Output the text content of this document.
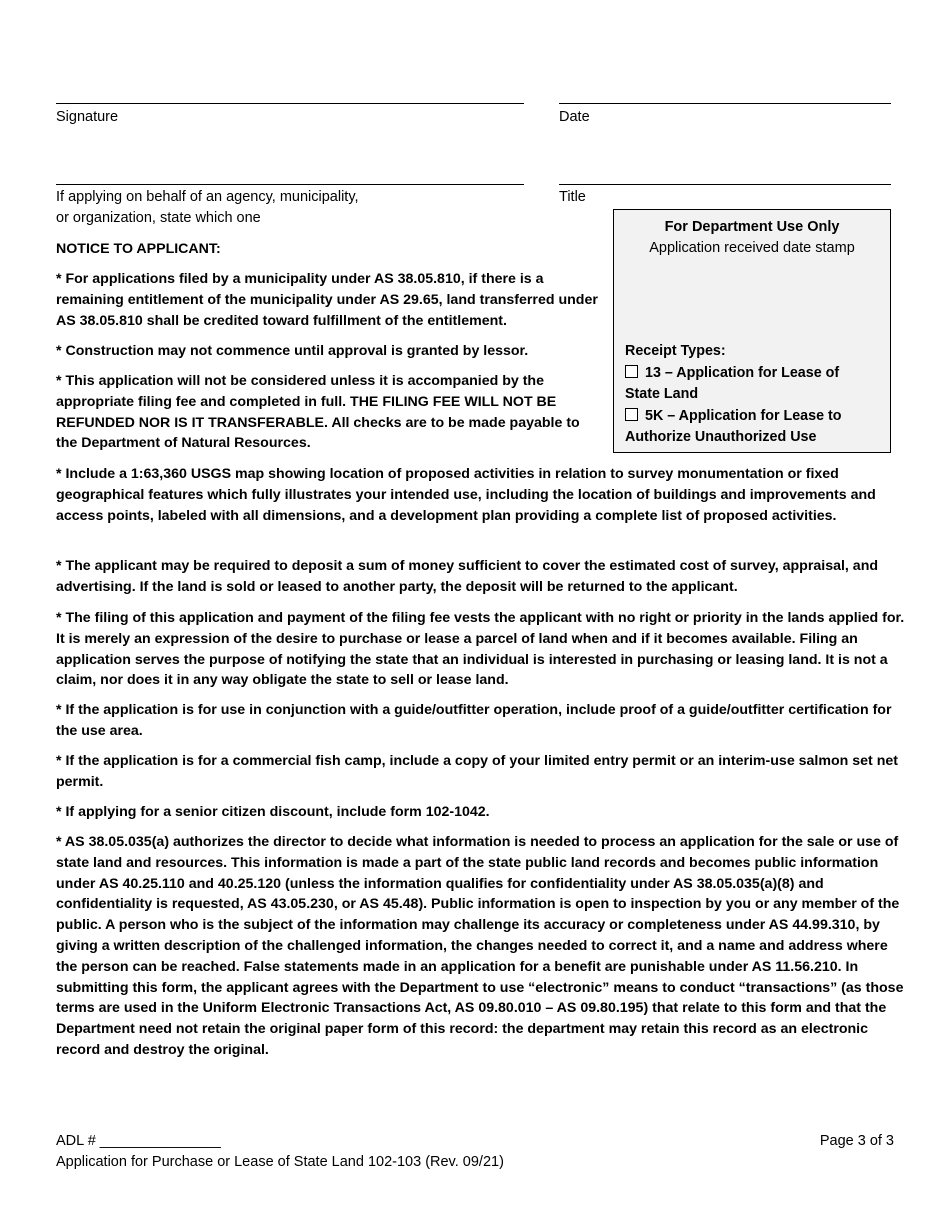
Signature	Date
If applying on behalf of an agency, municipality,
or organization, state which one
Title
For Department Use Only
Application received date stamp
Receipt Types:
13 – Application for Lease of
State Land
5K – Application for Lease to
Authorize Unauthorized Use
NOTICE TO APPLICANT:

* For applications filed by a municipality under AS 38.05.810, if there is a remaining entitlement of the municipality under AS 29.65, land transferred under AS 38.05.810 shall be credited toward fulfillment of the entitlement.

* Construction may not commence until approval is granted by lessor.

* This application will not be considered unless it is accompanied by the appropriate filing fee and completed in full. THE FILING FEE WILL NOT BE REFUNDED NOR IS IT TRANSFERABLE. All checks are to be made payable to the Department of Natural Resources.

* Include a 1:63,360 USGS map showing location of proposed activities in relation to survey monumentation or fixed geographical features which fully illustrates your intended use, including the location of buildings and improvements and access points, labeled with all dimensions, and a development plan providing a complete list of proposed activities.

* The applicant may be required to deposit a sum of money sufficient to cover the estimated cost of survey, appraisal, and advertising. If the land is sold or leased to another party, the deposit will be returned to the applicant.

* The filing of this application and payment of the filing fee vests the applicant with no right or priority in the lands applied for. It is merely an expression of the desire to purchase or lease a parcel of land when and if it becomes available. Filing an application serves the purpose of notifying the state that an individual is interested in purchasing or leasing land. It is not a claim, nor does it in any way obligate the state to sell or lease land.

* If the application is for use in conjunction with a guide/outfitter operation, include proof of a guide/outfitter certification for the use area.

* If the application is for a commercial fish camp, include a copy of your limited entry permit or an interim-use salmon set net permit.

* If applying for a senior citizen discount, include form 102-1042.

* AS 38.05.035(a) authorizes the director to decide what information is needed to process an application for the sale or use of state land and resources. This information is made a part of the state public land records and becomes public information under AS 40.25.110 and 40.25.120 (unless the information qualifies for confidentiality under AS 38.05.035(a)(8) and confidentiality is requested, AS 43.05.230, or AS 45.48). Public information is open to inspection by you or any member of the public. A person who is the subject of the information may challenge its accuracy or completeness under AS 44.99.310, by giving a written description of the challenged information, the changes needed to correct it, and a name and address where the person can be reached. False statements made in an application for a benefit are punishable under AS 11.56.210. In submitting this form, the applicant agrees with the Department to use “electronic” means to conduct “transactions” (as those terms are used in the Uniform Electronic Transactions Act, AS 09.80.010 – AS 09.80.195) that relate to this form and that the Department need not retain the original paper form of this record: the department may retain this record as an electronic record and destroy the original.

ADL # _______________
Application for Purchase or Lease of State Land 102-103 (Rev. 09/21)
Page 3 of 3
